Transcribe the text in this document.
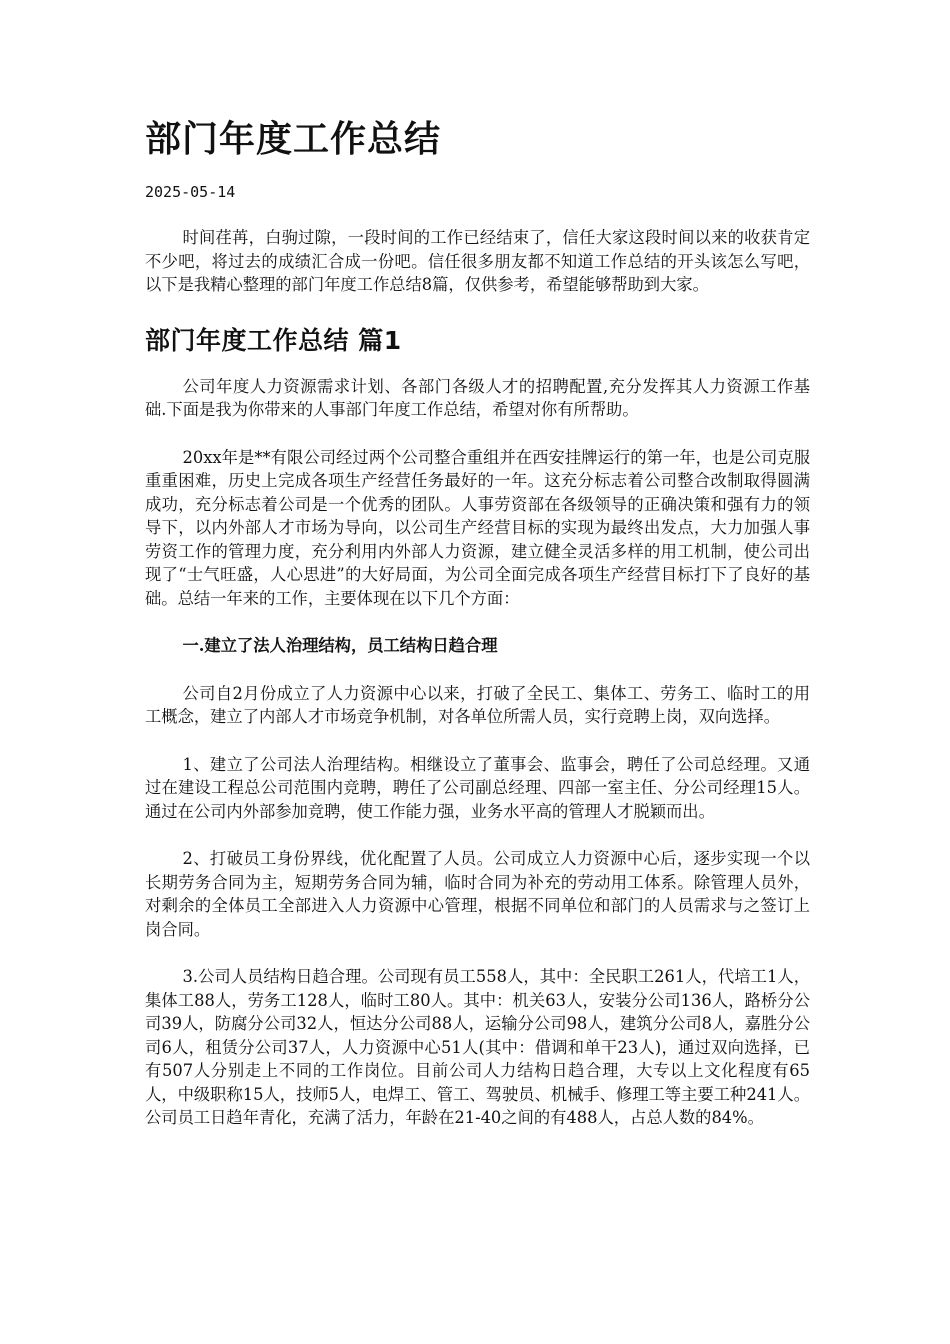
部门年度工作总结
2025-05-14

时间荏苒，白驹过隙，一段时间的工作已经结束了，信任大家这段时间以来的收获肯定不少吧，将过去的成绩汇合成一份吧。信任很多朋友都不知道工作总结的开头该怎么写吧，以下是我精心整理的部门年度工作总结8篇，仅供参考，希望能够帮助到大家。

部门年度工作总结 篇1

公司年度人力资源需求计划、各部门各级人才的招聘配置,充分发挥其人力资源工作基础.下面是我为你带来的人事部门年度工作总结，希望对你有所帮助。

20xx年是**有限公司经过两个公司整合重组并在西安挂牌运行的第一年，也是公司克服重重困难，历史上完成各项生产经营任务最好的一年。这充分标志着公司整合改制取得圆满成功，充分标志着公司是一个优秀的团队。人事劳资部在各级领导的正确决策和强有力的领导下，以内外部人才市场为导向，以公司生产经营目标的实现为最终出发点，大力加强人事劳资工作的管理力度，充分利用内外部人力资源，建立健全灵活多样的用工机制，使公司出现了“士气旺盛，人心思进”的大好局面，为公司全面完成各项生产经营目标打下了良好的基础。总结一年来的工作，主要体现在以下几个方面：

一.建立了法人治理结构，员工结构日趋合理

公司自2月份成立了人力资源中心以来，打破了全民工、集体工、劳务工、临时工的用工概念，建立了内部人才市场竞争机制，对各单位所需人员，实行竞聘上岗，双向选择。

1、建立了公司法人治理结构。相继设立了董事会、监事会，聘任了公司总经理。又通过在建设工程总公司范围内竞聘，聘任了公司副总经理、四部一室主任、分公司经理15人。通过在公司内外部参加竞聘，使工作能力强，业务水平高的管理人才脱颖而出。

2、打破员工身份界线，优化配置了人员。公司成立人力资源中心后，逐步实现一个以长期劳务合同为主，短期劳务合同为辅，临时合同为补充的劳动用工体系。除管理人员外，对剩余的全体员工全部进入人力资源中心管理，根据不同单位和部门的人员需求与之签订上岗合同。

3.公司人员结构日趋合理。公司现有员工558人，其中：全民职工261人，代培工1人，集体工88人，劳务工128人，临时工80人。其中：机关63人，安装分公司136人，路桥分公司39人，防腐分公司32人，恒达分公司88人，运输分公司98人，建筑分公司8人，嘉胜分公司6人，租赁分公司37人，人力资源中心51人(其中：借调和单干23人)，通过双向选择，已有507人分别走上不同的工作岗位。目前公司人力结构日趋合理，大专以上文化程度有65人，中级职称15人，技师5人，电焊工、管工、驾驶员、机械手、修理工等主要工种241人。公司员工日趋年青化，充满了活力，年龄在21-40之间的有488人，占总人数的84%。
